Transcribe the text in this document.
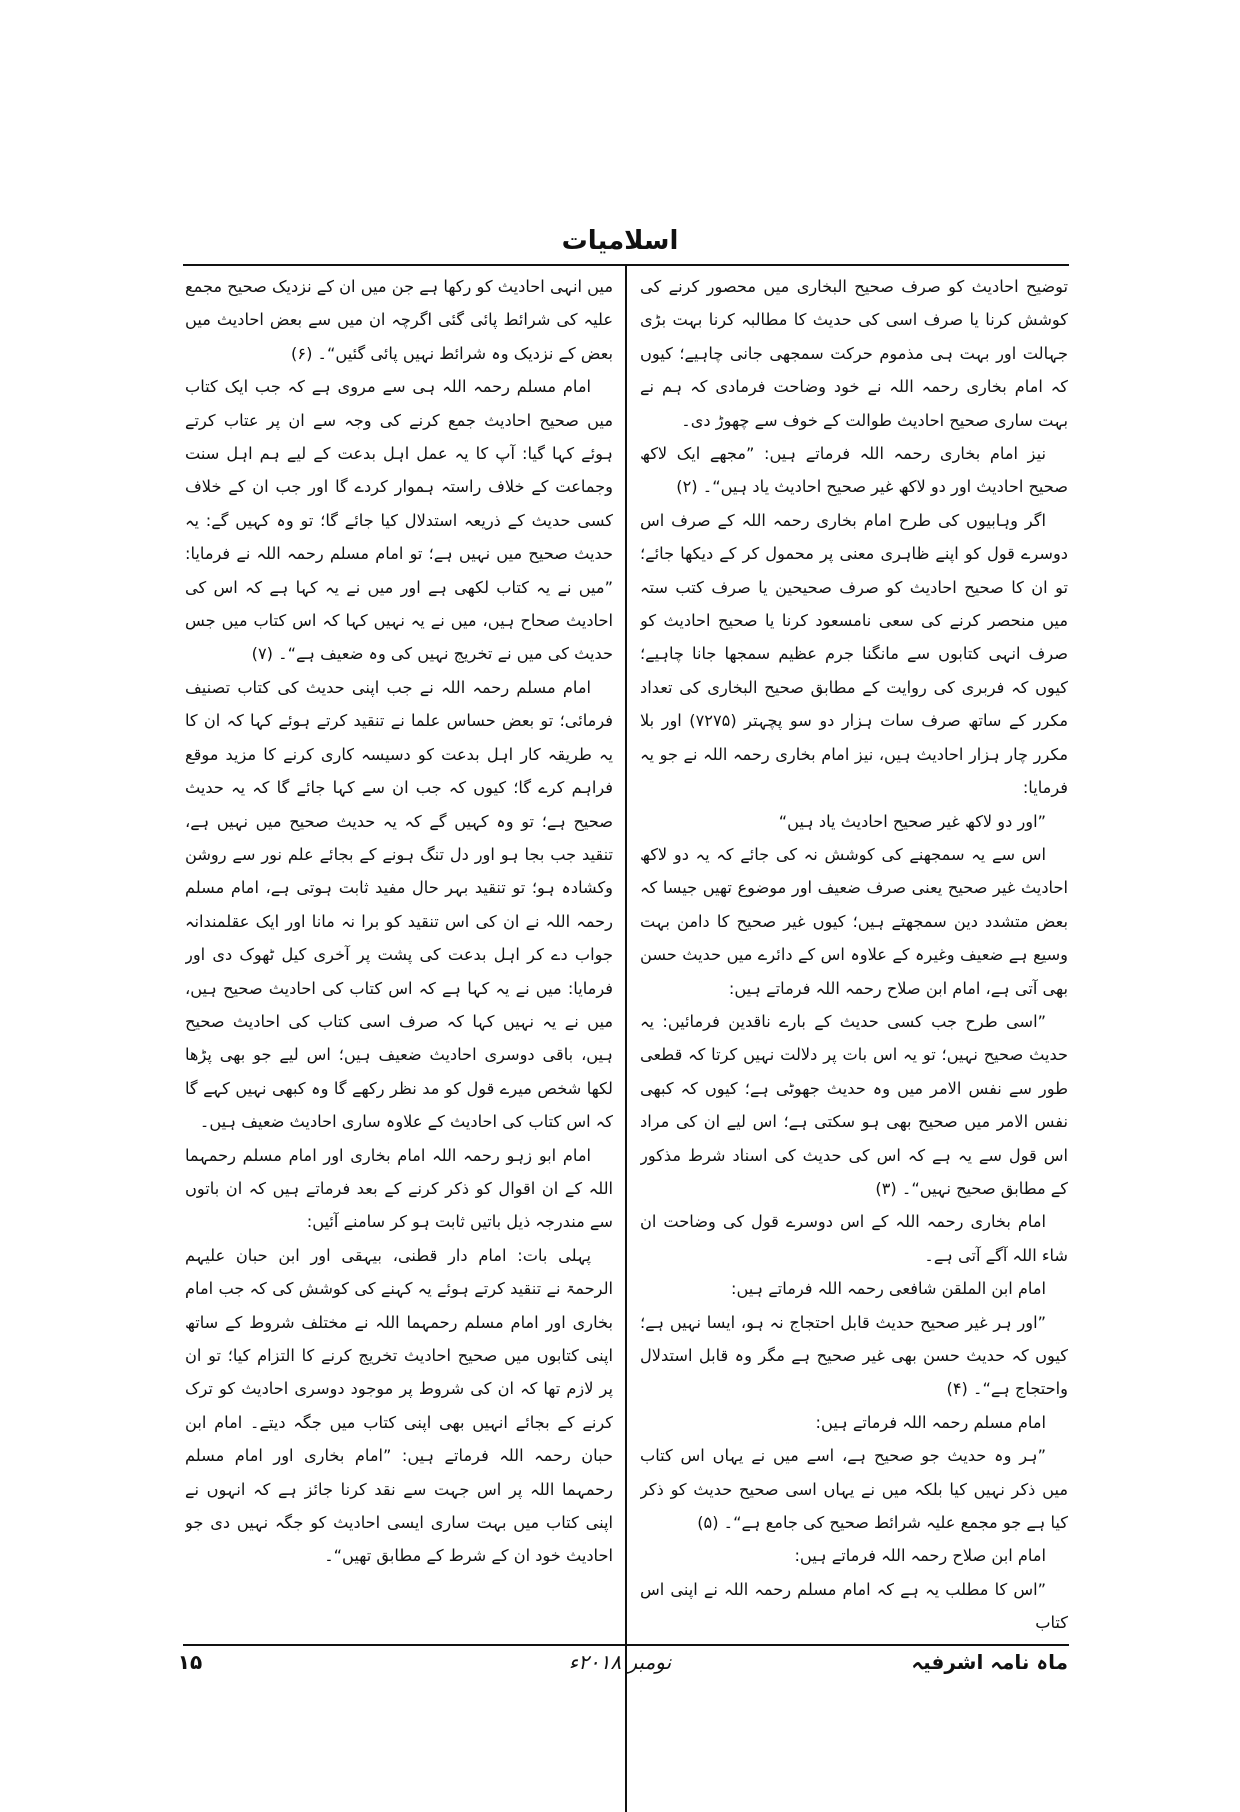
اسلامیات

توضیح احادیث کو صرف صحیح البخاری میں محصور کرنے کی کوشش کرنا یا صرف اسی کی حدیث کا مطالبہ کرنا بہت بڑی جہالت اور بہت ہی مذموم حرکت سمجھی جانی چاہیے؛ کیوں کہ امام بخاری رحمہ اللہ نے خود وضاحت فرمادی کہ ہم نے بہت ساری صحیح احادیث طوالت کے خوف سے چھوڑ دی۔

نیز امام بخاری رحمہ اللہ فرماتے ہیں: ”مجھے ایک لاکھ صحیح احادیث اور دو لاکھ غیر صحیح احادیث یاد ہیں“۔ (۲)

اگر وہابیوں کی طرح امام بخاری رحمہ اللہ کے صرف اس دوسرے قول کو اپنے ظاہری معنی پر محمول کر کے دیکھا جائے؛ تو ان کا صحیح احادیث کو صرف صحیحین یا صرف کتب ستہ میں منحصر کرنے کی سعی نامسعود کرنا یا صحیح احادیث کو صرف انہی کتابوں سے مانگنا جرم عظیم سمجھا جانا چاہیے؛ کیوں کہ فربری کی روایت کے مطابق صحیح البخاری کی تعداد مکرر کے ساتھ صرف سات ہزار دو سو پچہتر (۷۲۷۵) اور بلا مکرر چار ہزار احادیث ہیں، نیز امام بخاری رحمہ اللہ نے جو یہ فرمایا:

”اور دو لاکھ غیر صحیح احادیث یاد ہیں“

اس سے یہ سمجھنے کی کوشش نہ کی جائے کہ یہ دو لاکھ احادیث غیر صحیح یعنی صرف ضعیف اور موضوع تھیں جیسا کہ بعض متشدد دین سمجھتے ہیں؛ کیوں غیر صحیح کا دامن بہت وسیع ہے ضعیف وغیرہ کے علاوہ اس کے دائرے میں حدیث حسن بھی آتی ہے، امام ابن صلاح رحمہ اللہ فرماتے ہیں:

”اسی طرح جب کسی حدیث کے بارے ناقدین فرمائیں: یہ حدیث صحیح نہیں؛ تو یہ اس بات پر دلالت نہیں کرتا کہ قطعی طور سے نفس الامر میں وہ حدیث جھوٹی ہے؛ کیوں کہ کبھی نفس الامر میں صحیح بھی ہو سکتی ہے؛ اس لیے ان کی مراد اس قول سے یہ ہے کہ اس کی حدیث کی اسناد شرط مذکور کے مطابق صحیح نہیں“۔ (۳)

امام بخاری رحمہ اللہ کے اس دوسرے قول کی وضاحت ان شاء اللہ آگے آتی ہے۔

امام ابن الملقن شافعی رحمہ اللہ فرماتے ہیں:

”اور ہر غیر صحیح حدیث قابل احتجاج نہ ہو، ایسا نہیں ہے؛ کیوں کہ حدیث حسن بھی غیر صحیح ہے مگر وہ قابل استدلال واحتجاج ہے“۔ (۴)

امام مسلم رحمہ اللہ فرماتے ہیں:

”ہر وہ حدیث جو صحیح ہے، اسے میں نے یہاں اس کتاب میں ذکر نہیں کیا بلکہ میں نے یہاں اسی صحیح حدیث کو ذکر کیا ہے جو مجمع علیہ شرائط صحیح کی جامع ہے“۔ (۵)

امام ابن صلاح رحمہ اللہ فرماتے ہیں:

”اس کا مطلب یہ ہے کہ امام مسلم رحمہ اللہ نے اپنی اس کتاب

میں انہی احادیث کو رکھا ہے جن میں ان کے نزدیک صحیح مجمع علیہ کی شرائط پائی گئی اگرچہ ان میں سے بعض احادیث میں بعض کے نزدیک وہ شرائط نہیں پائی گئیں“۔ (۶)

امام مسلم رحمہ اللہ ہی سے مروی ہے کہ جب ایک کتاب میں صحیح احادیث جمع کرنے کی وجہ سے ان پر عتاب کرتے ہوئے کہا گیا: آپ کا یہ عمل اہل بدعت کے لیے ہم اہل سنت وجماعت کے خلاف راستہ ہموار کردے گا اور جب ان کے خلاف کسی حدیث کے ذریعہ استدلال کیا جائے گا؛ تو وہ کہیں گے: یہ حدیث صحیح میں نہیں ہے؛ تو امام مسلم رحمہ اللہ نے فرمایا: ”میں نے یہ کتاب لکھی ہے اور میں نے یہ کہا ہے کہ اس کی احادیث صحاح ہیں، میں نے یہ نہیں کہا کہ اس کتاب میں جس حدیث کی میں نے تخریج نہیں کی وہ ضعیف ہے“۔ (۷)

امام مسلم رحمہ اللہ نے جب اپنی حدیث کی کتاب تصنیف فرمائی؛ تو بعض حساس علما نے تنقید کرتے ہوئے کہا کہ ان کا یہ طریقہ کار اہل بدعت کو دسیسہ کاری کرنے کا مزید موقع فراہم کرے گا؛ کیوں کہ جب ان سے کہا جائے گا کہ یہ حدیث صحیح ہے؛ تو وہ کہیں گے کہ یہ حدیث صحیح میں نہیں ہے، تنقید جب بجا ہو اور دل تنگ ہونے کے بجائے علم نور سے روشن وکشادہ ہو؛ تو تنقید بہر حال مفید ثابت ہوتی ہے، امام مسلم رحمہ اللہ نے ان کی اس تنقید کو برا نہ مانا اور ایک عقلمندانہ جواب دے کر اہل بدعت کی پشت پر آخری کیل ٹھوک دی اور فرمایا: میں نے یہ کہا ہے کہ اس کتاب کی احادیث صحیح ہیں، میں نے یہ نہیں کہا کہ صرف اسی کتاب کی احادیث صحیح ہیں، باقی دوسری احادیث ضعیف ہیں؛ اس لیے جو بھی پڑھا لکھا شخص میرے قول کو مد نظر رکھے گا وہ کبھی نہیں کہے گا کہ اس کتاب کی احادیث کے علاوہ ساری احادیث ضعیف ہیں۔

امام ابو زہو رحمہ اللہ امام بخاری اور امام مسلم رحمہما اللہ کے ان اقوال کو ذکر کرنے کے بعد فرماتے ہیں کہ ان باتوں سے مندرجہ ذیل باتیں ثابت ہو کر سامنے آئیں:

پہلی بات: امام دار قطنی، بیہقی اور ابن حبان علیہم الرحمۃ نے تنقید کرتے ہوئے یہ کہنے کی کوشش کی کہ جب امام بخاری اور امام مسلم رحمہما اللہ نے مختلف شروط کے ساتھ اپنی کتابوں میں صحیح احادیث تخریج کرنے کا التزام کیا؛ تو ان پر لازم تھا کہ ان کی شروط پر موجود دوسری احادیث کو ترک کرنے کے بجائے انہیں بھی اپنی کتاب میں جگہ دیتے۔ امام ابن حبان رحمہ اللہ فرماتے ہیں: ”امام بخاری اور امام مسلم رحمہما اللہ پر اس جہت سے نقد کرنا جائز ہے کہ انہوں نے اپنی کتاب میں بہت ساری ایسی احادیث کو جگہ نہیں دی جو احادیث خود ان کے شرط کے مطابق تھیں“۔

ماہ نامہ اشرفیہ
نومبر ۲۰۱۸ء
۱۵
